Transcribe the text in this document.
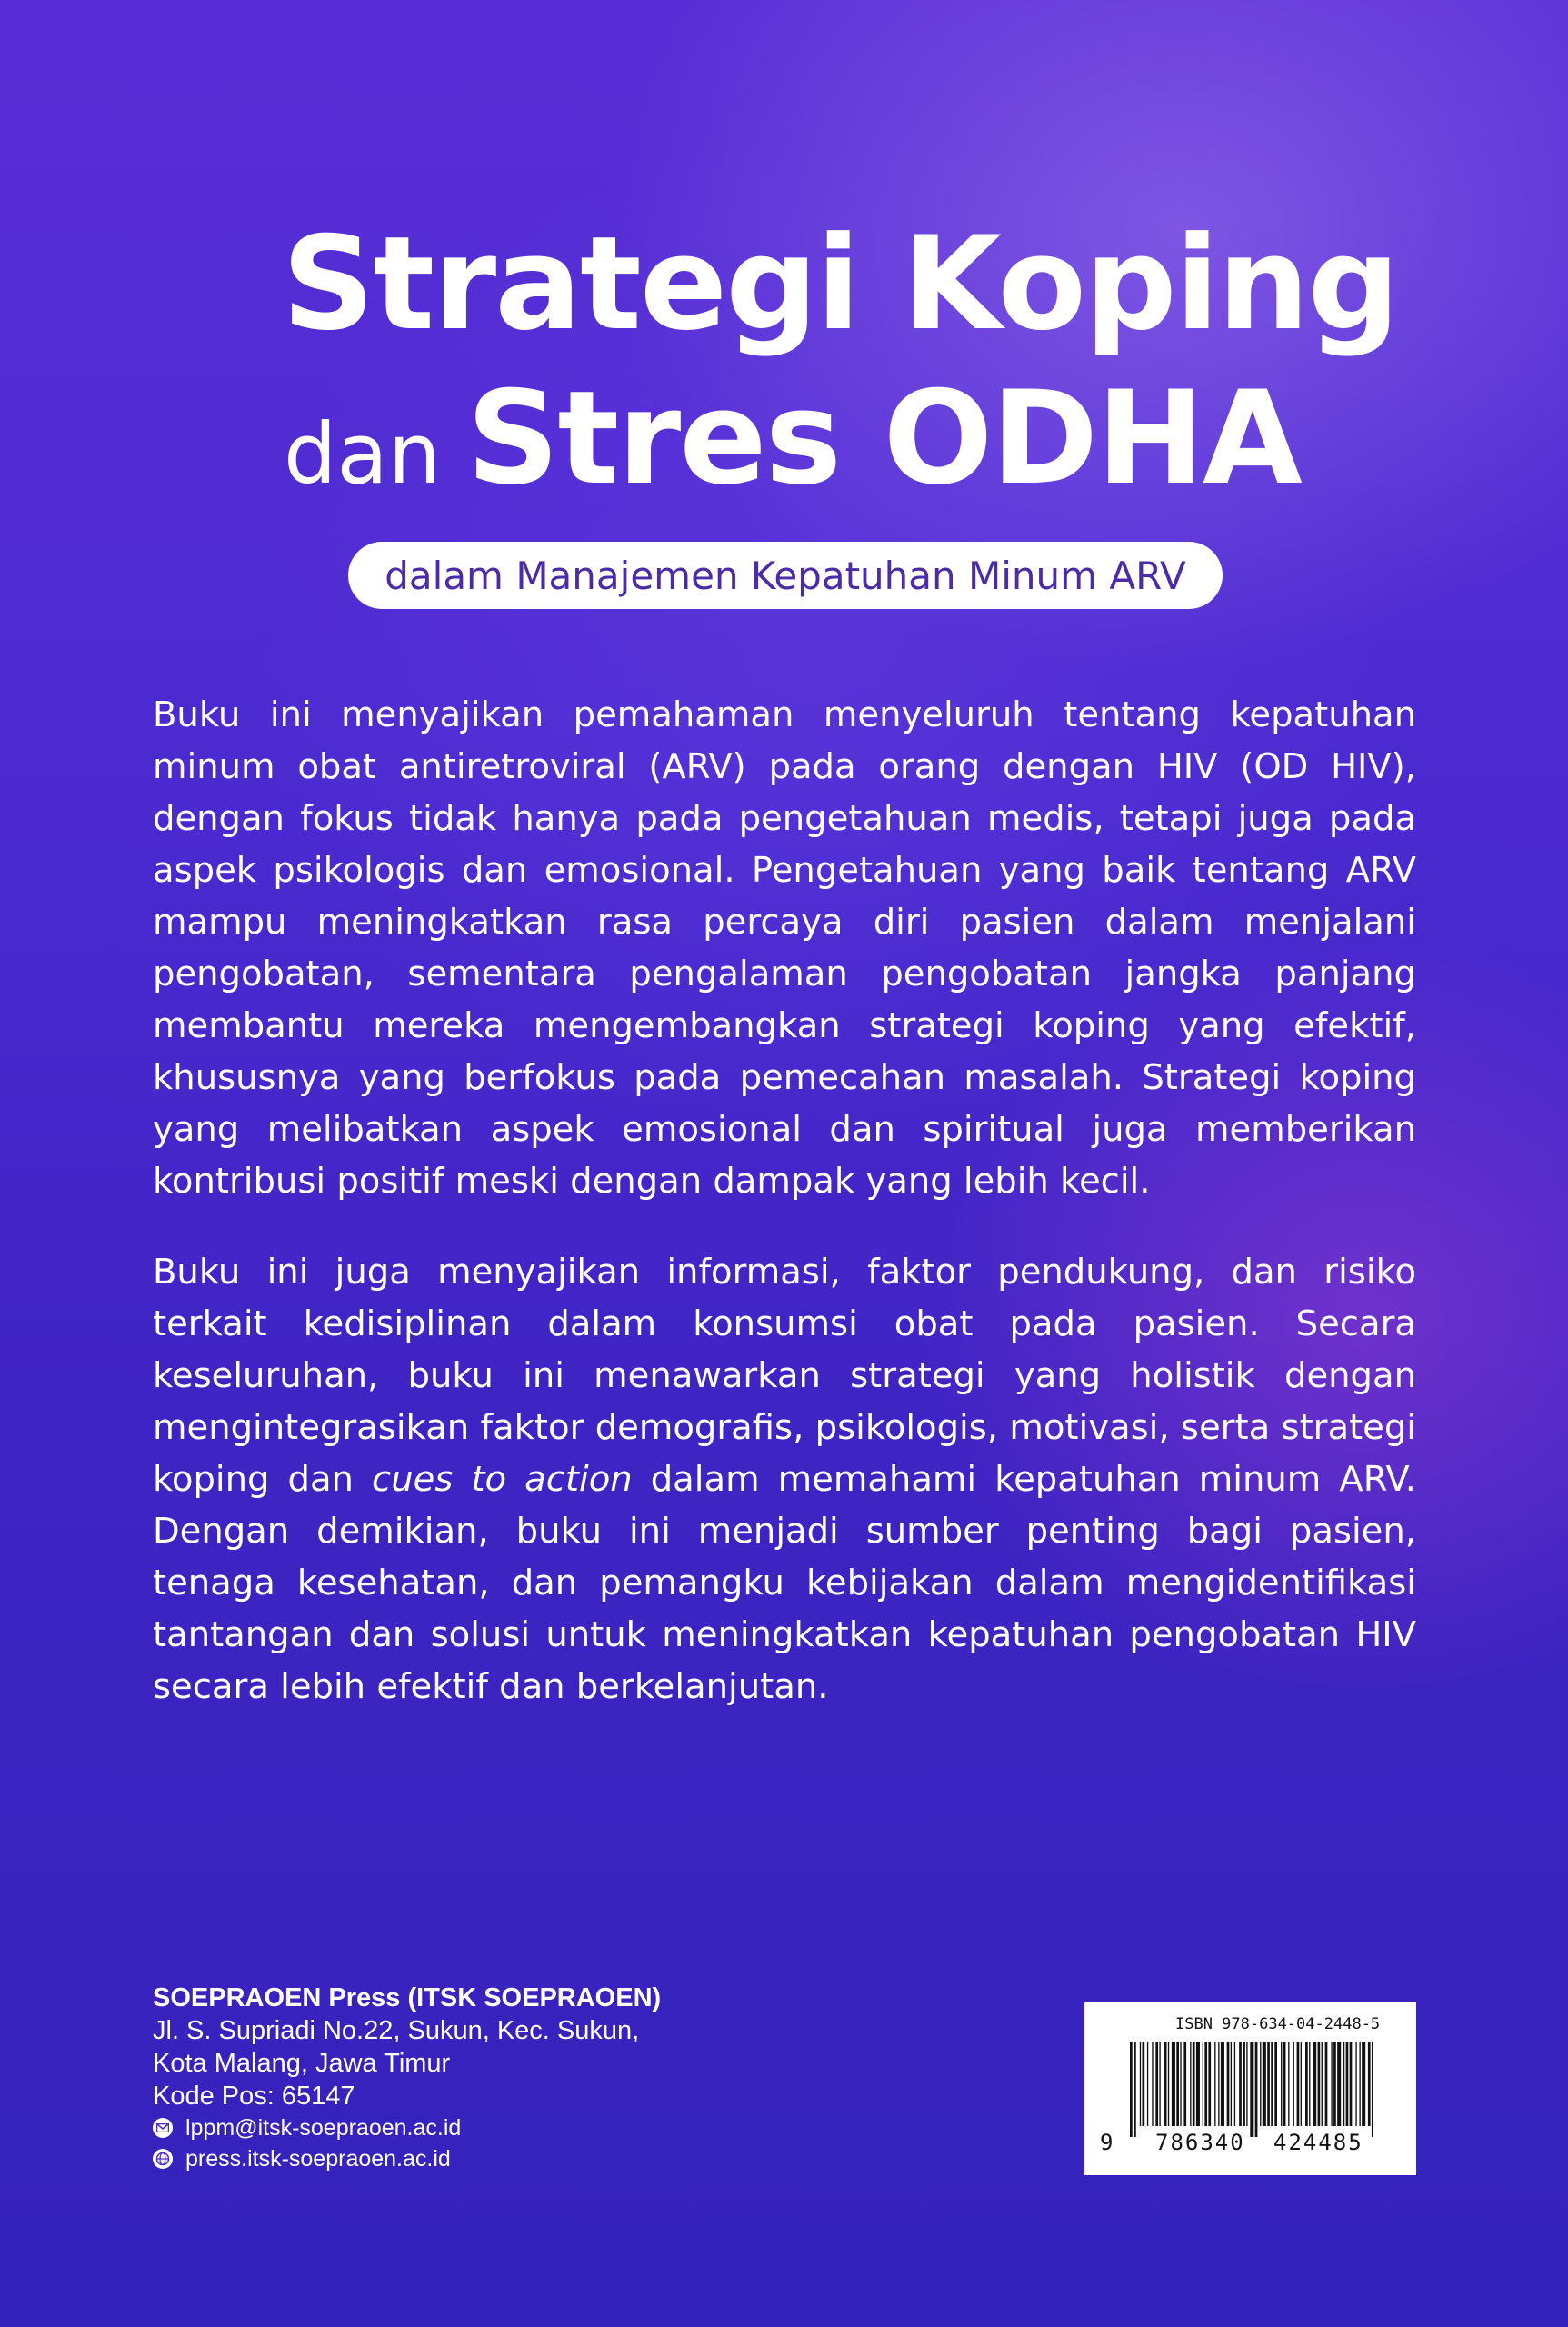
Strategi Koping
dan Stres ODHA
dalam Manajemen Kepatuhan Minum ARV

Buku ini menyajikan pemahaman menyeluruh tentang kepatuhan minum obat antiretroviral (ARV) pada orang dengan HIV (OD HIV), dengan fokus tidak hanya pada pengetahuan medis, tetapi juga pada aspek psikologis dan emosional. Pengetahuan yang baik tentang ARV mampu meningkatkan rasa percaya diri pasien dalam menjalani pengobatan, sementara pengalaman pengobatan jangka panjang membantu mereka mengembangkan strategi koping yang efektif, khususnya yang berfokus pada pemecahan masalah. Strategi koping yang melibatkan aspek emosional dan spiritual juga memberikan kontribusi positif meski dengan dampak yang lebih kecil.

Buku ini juga menyajikan informasi, faktor pendukung, dan risiko terkait kedisiplinan dalam konsumsi obat pada pasien. Secara keseluruhan, buku ini menawarkan strategi yang holistik dengan mengintegrasikan faktor demografis, psikologis, motivasi, serta strategi koping dan cues to action dalam memahami kepatuhan minum ARV. Dengan demikian, buku ini menjadi sumber penting bagi pasien, tenaga kesehatan, dan pemangku kebijakan dalam mengidentifikasi tantangan dan solusi untuk meningkatkan kepatuhan pengobatan HIV secara lebih efektif dan berkelanjutan.

SOEPRAOEN Press (ITSK SOEPRAOEN)
Jl. S. Supriadi No.22, Sukun, Kec. Sukun,
Kota Malang, Jawa Timur
Kode Pos: 65147
lppm@itsk-soepraoen.ac.id
press.itsk-soepraoen.ac.id
ISBN 978-634-04-2448-5
9 786340 424485
